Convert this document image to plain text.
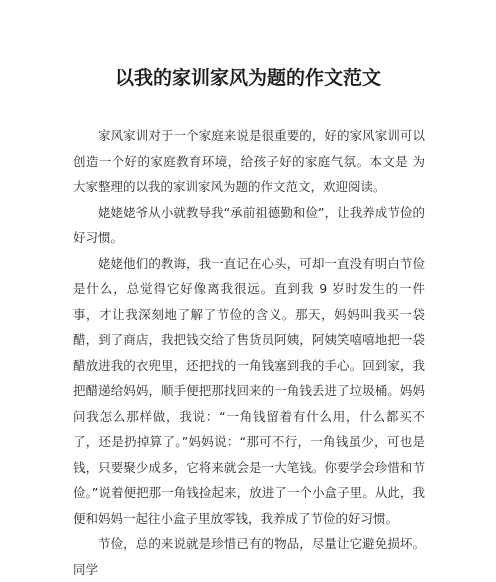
以我的家训家风为题的作文范文

家风家训对于一个家庭来说是很重要的，好的家风家训可以创造一个好的家庭教育环境，给孩子好的家庭气氛。本文是 为大家整理的以我的家训家风为题的作文范文，欢迎阅读。

姥姥姥爷从小就教导我“承前祖德勤和俭”，让我养成节俭的好习惯。

姥姥他们的教诲，我一直记在心头，可却一直没有明白节俭是什么，总觉得它好像离我很远。直到我 9 岁时发生的一件事，才让我深刻地了解了节俭的含义。那天，妈妈叫我买一袋醋，到了商店，我把钱交给了售货员阿姨，阿姨笑嘻嘻地把一袋醋放进我的衣兜里，还把找的一角钱塞到我的手心。回到家，我把醋递给妈妈，顺手便把那找回来的一角钱丢进了垃圾桶。妈妈问我怎么那样做，我说：“一角钱留着有什么用，什么都买不了，还是扔掉算了。”妈妈说：“那可不行，一角钱虽少，可也是钱，只要聚少成多，它将来就会是一大笔钱。你要学会珍惜和节俭。”说着便把那一角钱捡起来，放进了一个小盒子里。从此，我便和妈妈一起往小盒子里放零钱，我养成了节俭的好习惯。

节俭，总的来说就是珍惜已有的物品，尽量让它避免损坏。同学
